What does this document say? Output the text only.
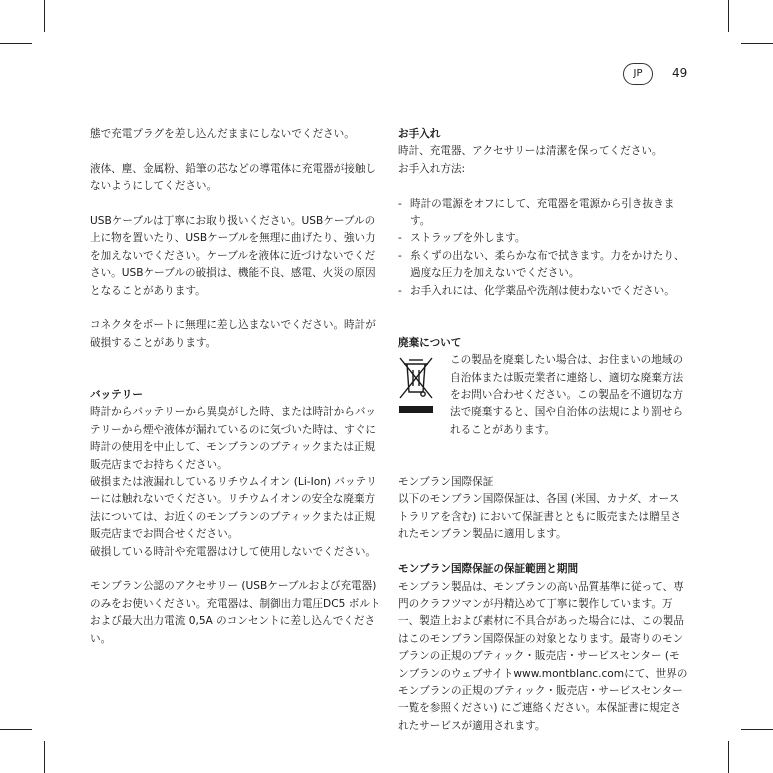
JP	49

態で充電プラグを差し込んだままにしないでください。

液体、塵、金属粉、鉛筆の芯などの導電体に充電器が接触しないようにしてください。

USBケーブルは丁寧にお取り扱いください。USBケーブルの上に物を置いたり、USBケーブルを無理に曲げたり、強い力を加えないでください。ケーブルを液体に近づけないでください。USBケーブルの破損は、機能不良、感電、火災の原因となることがあります。

コネクタをポートに無理に差し込まないでください。時計が破損することがあります。

バッテリー

時計からバッテリーから異臭がした時、または時計からバッテリーから煙や液体が漏れているのに気づいた時は、すぐに時計の使用を中止して、モンブランのブティックまたは正規販売店までお持ちください。

破損または液漏れしているリチウムイオン (Li-Ion) バッテリーには触れないでください。リチウムイオンの安全な廃棄方法については、お近くのモンブランのブティックまたは正規販売店までお問合せください。

破損している時計や充電器はけして使用しないでください。

モンブラン公認のアクセサリー (USBケーブルおよび充電器) のみをお使いください。充電器は、制御出力電圧DC5 ボルトおよび最大出力電流 0,5A のコンセントに差し込んでください。

お手入れ

時計、充電器、アクセサリーは清潔を保ってください。

お手入れ方法:

- 時計の電源をオフにして、充電器を電源から引き抜きます。
- ストラップを外します。
- 糸くずの出ない、柔らかな布で拭きます。力をかけたり、過度な圧力を加えないでください。
- お手入れには、化学薬品や洗剤は使わないでください。

廃棄について

この製品を廃棄したい場合は、お住まいの地域の自治体または販売業者に連絡し、適切な廃棄方法をお問い合わせください。この製品を不適切な方法で廃棄すると、国や自治体の法規により罰せられることがあります。

モンブラン国際保証

以下のモンブラン国際保証は、各国 (米国、カナダ、オーストラリアを含む) において保証書とともに販売または贈呈されたモンブラン製品に適用します。

モンブラン国際保証の保証範囲と期間

モンブラン製品は、モンブランの高い品質基準に従って、専門のクラフツマンが丹精込めて丁寧に製作しています。万一、製造上および素材に不具合があった場合には、この製品はこのモンブラン国際保証の対象となります。最寄りのモンブランの正規のブティック・販売店・サービスセンター (モンブランのウェブサイトwww.montblanc.comにて、世界のモンブランの正規のブティック・販売店・サービスセンター一覧を参照ください) にご連絡ください。本保証書に規定されたサービスが適用されます。
